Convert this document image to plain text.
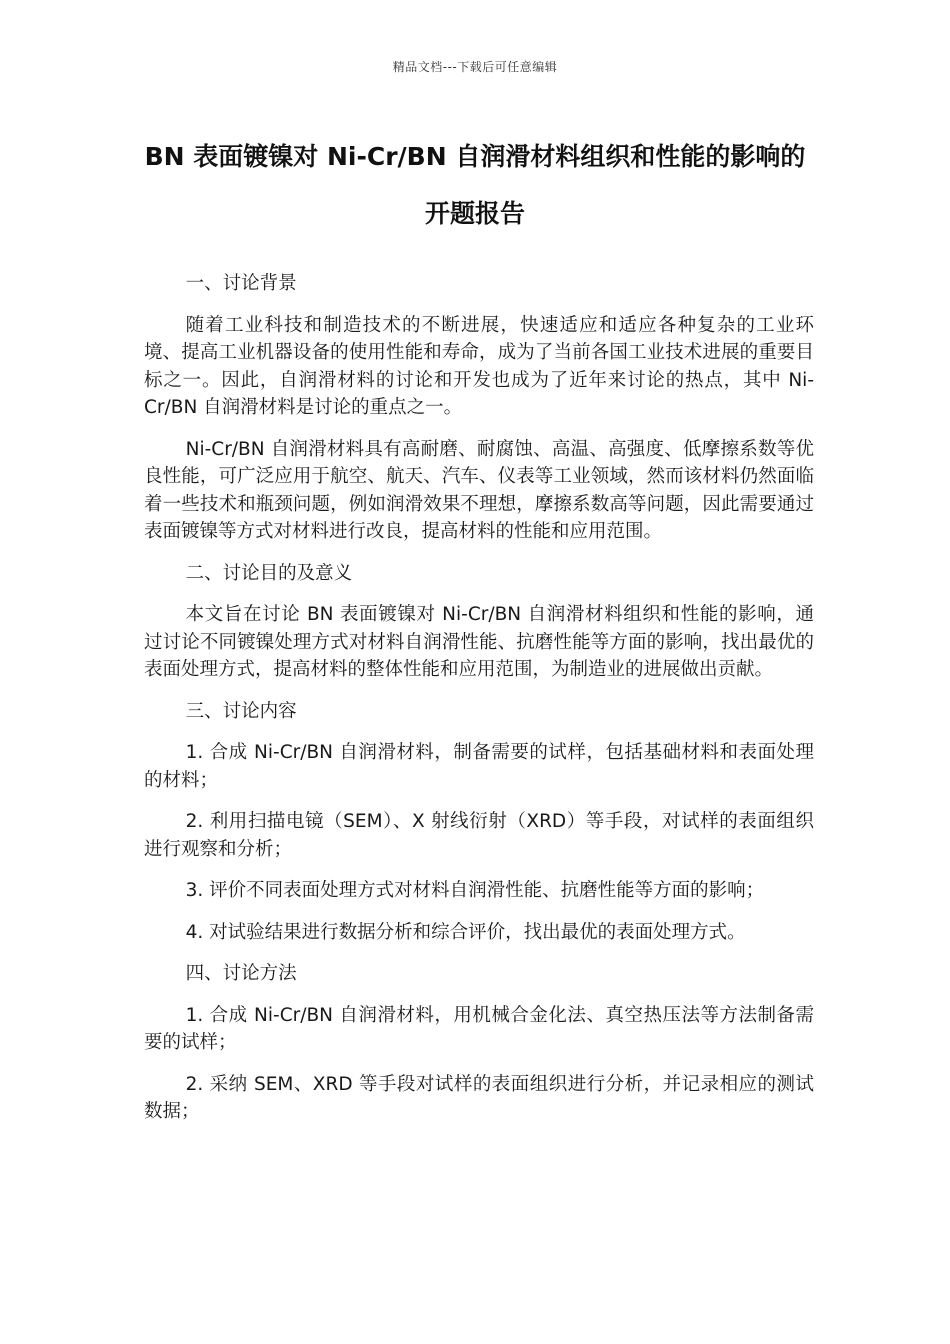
精品文档---下载后可任意编辑
BN 表面镀镍对 Ni-Cr/BN 自润滑材料组织和性能的影响的开题报告

一、讨论背景

随着工业科技和制造技术的不断进展，快速适应和适应各种复杂的工业环境、提高工业机器设备的使用性能和寿命，成为了当前各国工业技术进展的重要目标之一。因此，自润滑材料的讨论和开发也成为了近年来讨论的热点，其中 Ni-Cr/BN 自润滑材料是讨论的重点之一。

Ni-Cr/BN 自润滑材料具有高耐磨、耐腐蚀、高温、高强度、低摩擦系数等优良性能，可广泛应用于航空、航天、汽车、仪表等工业领域，然而该材料仍然面临着一些技术和瓶颈问题，例如润滑效果不理想，摩擦系数高等问题，因此需要通过表面镀镍等方式对材料进行改良，提高材料的性能和应用范围。

二、讨论目的及意义

本文旨在讨论 BN 表面镀镍对 Ni-Cr/BN 自润滑材料组织和性能的影响，通过讨论不同镀镍处理方式对材料自润滑性能、抗磨性能等方面的影响，找出最优的表面处理方式，提高材料的整体性能和应用范围，为制造业的进展做出贡献。

三、讨论内容

1. 合成 Ni-Cr/BN 自润滑材料，制备需要的试样，包括基础材料和表面处理的材料；

2. 利用扫描电镜（SEM）、X 射线衍射（XRD）等手段，对试样的表面组织进行观察和分析；

3. 评价不同表面处理方式对材料自润滑性能、抗磨性能等方面的影响；

4. 对试验结果进行数据分析和综合评价，找出最优的表面处理方式。

四、讨论方法

1. 合成 Ni-Cr/BN 自润滑材料，用机械合金化法、真空热压法等方法制备需要的试样；

2. 采纳 SEM、XRD 等手段对试样的表面组织进行分析，并记录相应的测试数据；
